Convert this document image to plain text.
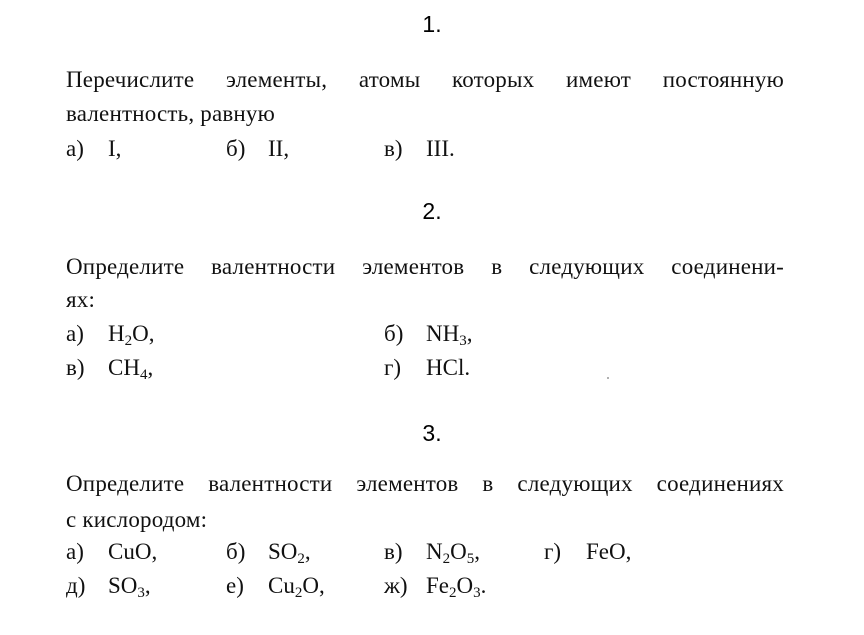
1.
Перечислите элементы, атомы которых имеют постоянную
валентность, равную
а) I,	б) II,	в) III.
2.
Определите валентности элементов в следующих соединени-
ях:
а) $H_2O$,	б) $NH_3$,
в) $CH_4$,	г) HCl.
3.
Определите валентности элементов в следующих соединениях
с кислородом:
а) CuO,	б) $SO_2$,	в) $N_2O_5$,	г) FeO,
д) $SO_3$,	е) $Cu_2O$,	ж) $Fe_2O_3$.
